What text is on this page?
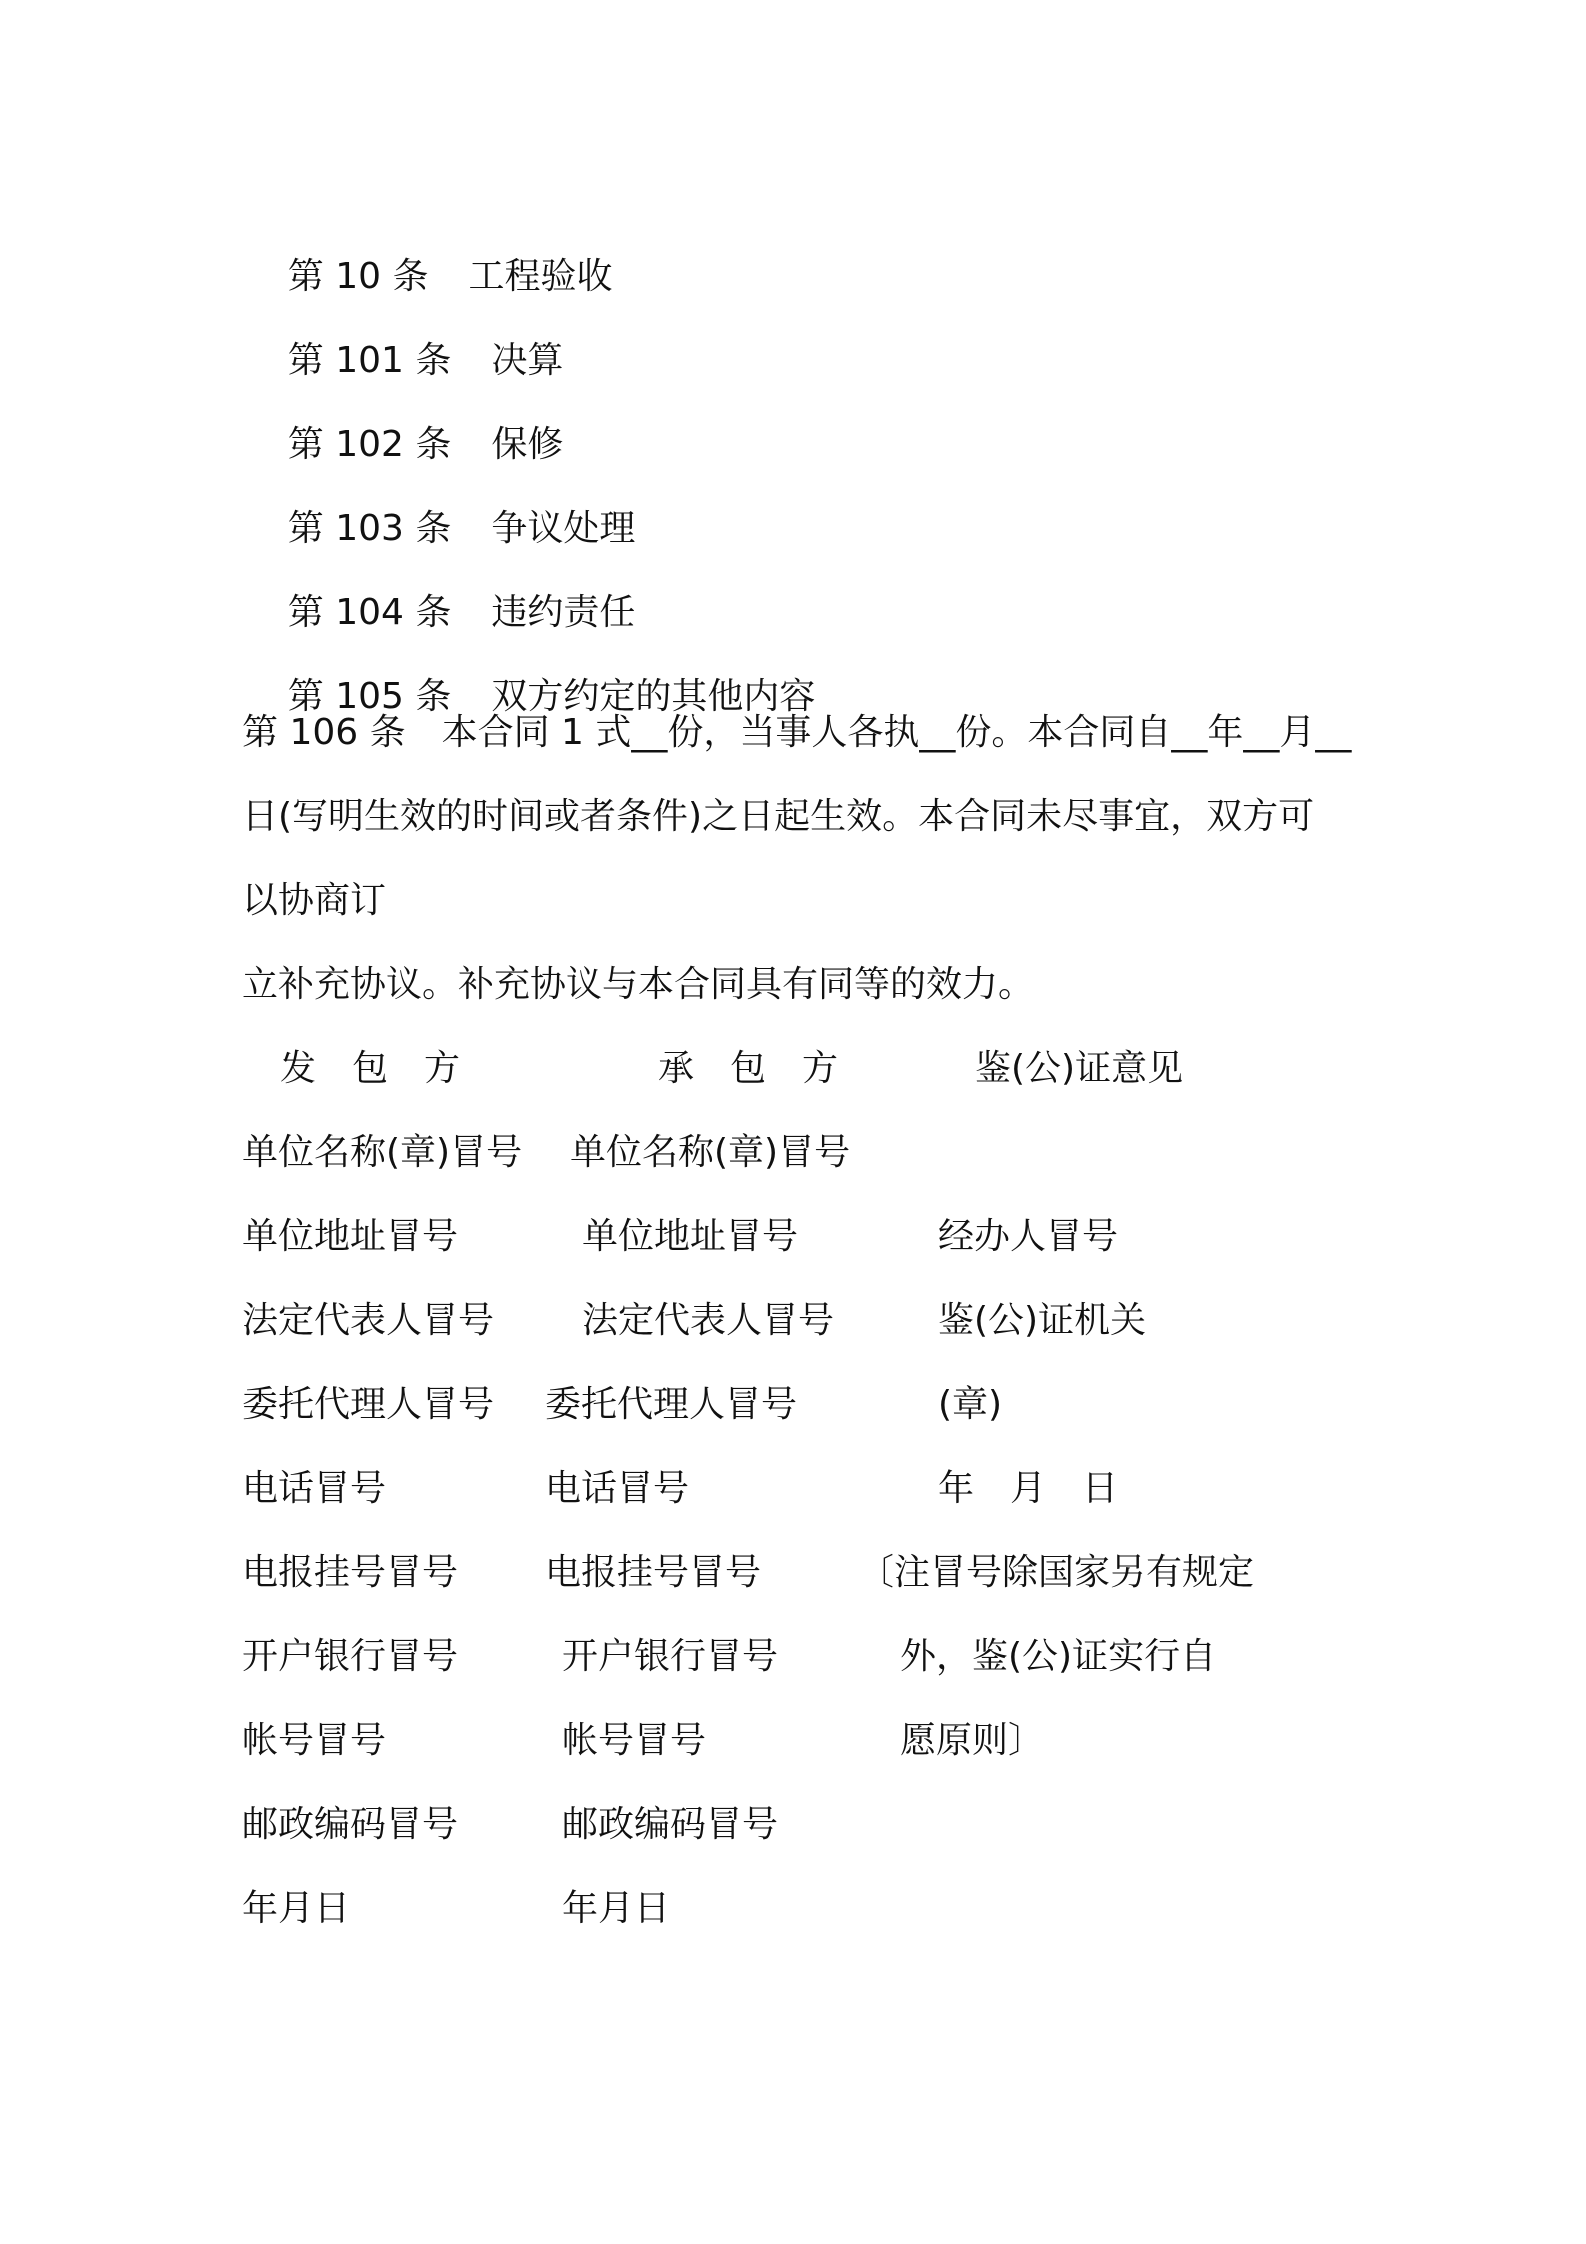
第 10 条 工程验收

第 101 条 决算

第 102 条 保修

第 103 条 争议处理

第 104 条 违约责任

第 105 条 双方约定的其他内容

第 106 条　本合同 1 式__份，当事人各执__份。本合同自__年__月__
日(写明生效的时间或者条件)之日起生效。本合同未尽事宜，双方可
以协商订
立补充协议。补充协议与本合同具有同等的效力。
发　包　方	承　包　方	鉴(公)证意见
单位名称(章)冒号
单位地址冒号
法定代表人冒号
委托代理人冒号
电话冒号
电报挂号冒号
开户银行冒号
帐号冒号
邮政编码冒号
年月日
单位名称(章)冒号
单位地址冒号
法定代表人冒号
委托代理人冒号
电话冒号
电报挂号冒号
开户银行冒号
帐号冒号
邮政编码冒号
年月日
经办人冒号
鉴(公)证机关
(章)
年　月　日
〔注冒号除国家另有规定
外，鉴(公)证实行自
愿原则〕
